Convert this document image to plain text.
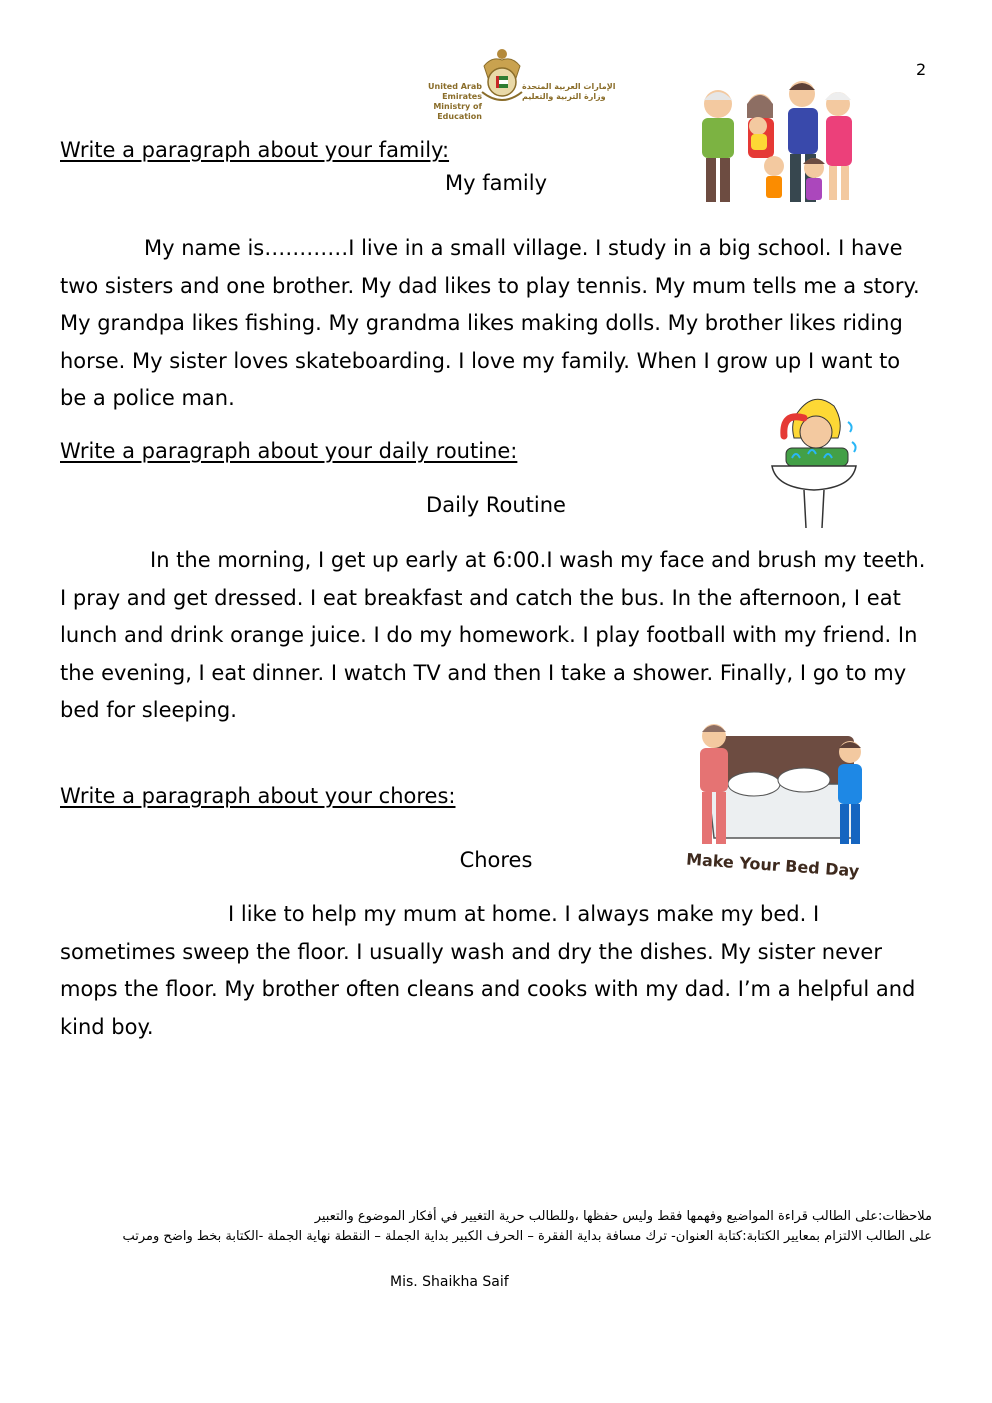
2
United Arab Emirates
Ministry of Education
الإمارات العربية المتحدة
وزارة التربية والتعليم
Write a paragraph about your family:
My family
My name is…………I live in a small village. I study in a big school. I have two sisters and one brother. My dad likes to play tennis. My mum tells me a story. My grandpa likes fishing. My grandma likes making dolls. My brother likes riding horse. My sister loves skateboarding. I love my family. When I grow up I want to be a police man.
Write a paragraph about your daily routine:
Daily Routine
In the morning, I get up early at 6:00.I wash my face and brush my teeth. I pray and get dressed. I eat breakfast and catch the bus. In the afternoon, I eat lunch and drink orange juice. I do my homework. I play football with my friend. In the evening, I eat dinner. I watch TV and then I take a shower. Finally, I go to my bed for sleeping.
Make Your Bed Day
Write a paragraph about your chores:
Chores
I like to help my mum at home. I always make my bed. I sometimes sweep the floor. I usually wash and dry the dishes. My sister never mops the floor. My brother often cleans and cooks with my dad. I’m a helpful and kind boy.
ملاحظات:على الطالب قراءة المواضيع وفهمها فقط وليس حفظها ،وللطالب حرية التغيير في أفكار الموضوع والتعبير
على الطالب الالتزام بمعايير الكتابة:كتابة العنوان- ترك مسافة بداية الفقرة – الحرف الكبير بداية الجملة – النقطة نهاية الجملة -الكتابة بخط واضح ومرتب
Mis. Shaikha Saif
